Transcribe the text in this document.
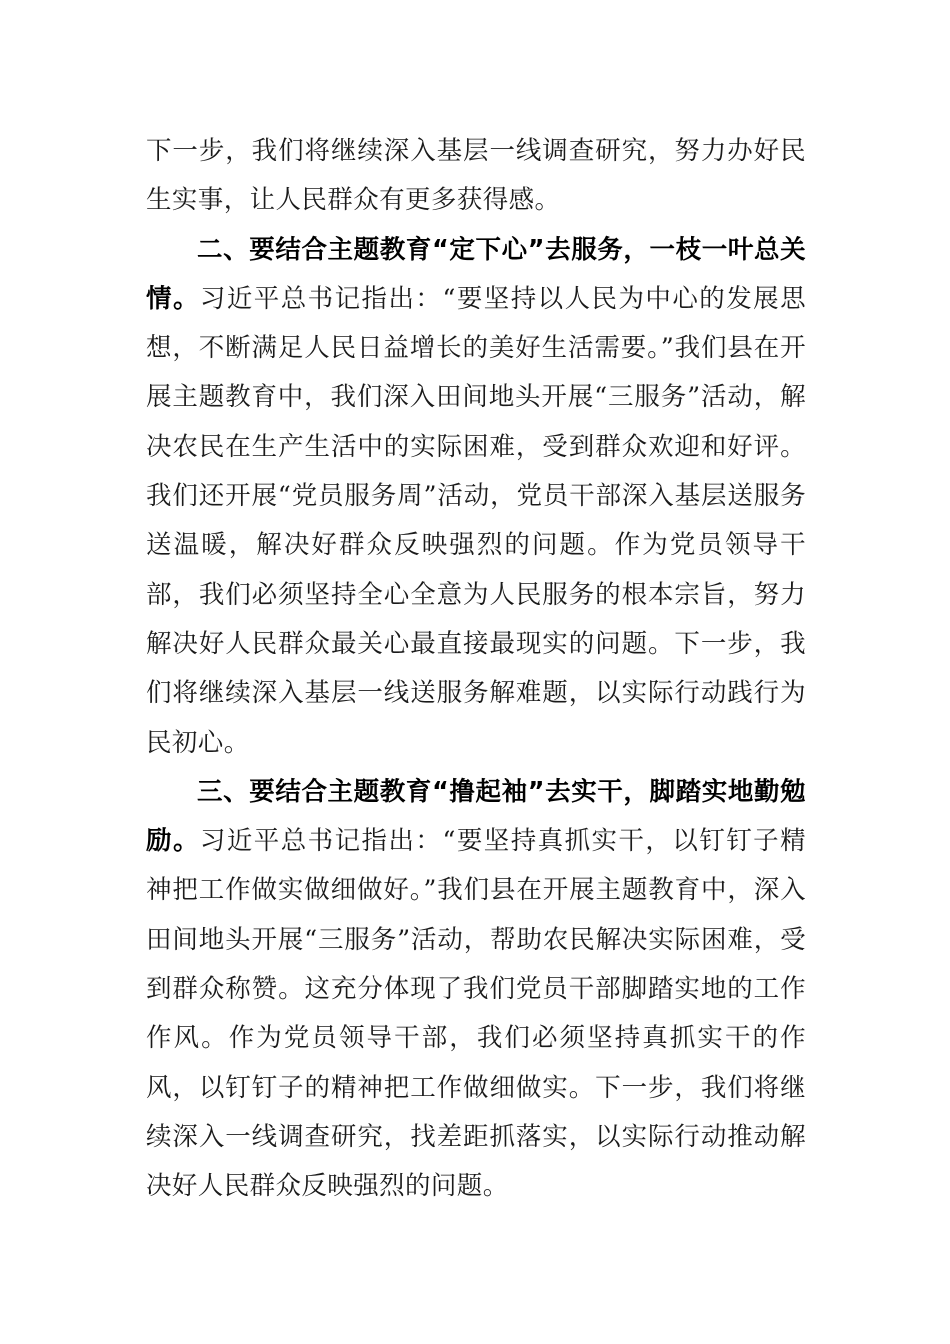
下一步，我们将继续深入基层一线调查研究，努力办好民生实事，让人民群众有更多获得感。

二、要结合主题教育“定下心”去服务，一枝一叶总关情。习近平总书记指出：“要坚持以人民为中心的发展思想，不断满足人民日益增长的美好生活需要。”我们县在开展主题教育中，我们深入田间地头开展“三服务”活动，解决农民在生产生活中的实际困难，受到群众欢迎和好评。我们还开展“党员服务周”活动，党员干部深入基层送服务送温暖，解决好群众反映强烈的问题。作为党员领导干部，我们必须坚持全心全意为人民服务的根本宗旨，努力解决好人民群众最关心最直接最现实的问题。下一步，我们将继续深入基层一线送服务解难题，以实际行动践行为民初心。

三、要结合主题教育“撸起袖”去实干，脚踏实地勤勉励。习近平总书记指出：“要坚持真抓实干，以钉钉子精神把工作做实做细做好。”我们县在开展主题教育中，深入田间地头开展“三服务”活动，帮助农民解决实际困难，受到群众称赞。这充分体现了我们党员干部脚踏实地的工作作风。作为党员领导干部，我们必须坚持真抓实干的作风，以钉钉子的精神把工作做细做实。下一步，我们将继续深入一线调查研究，找差距抓落实，以实际行动推动解决好人民群众反映强烈的问题。
